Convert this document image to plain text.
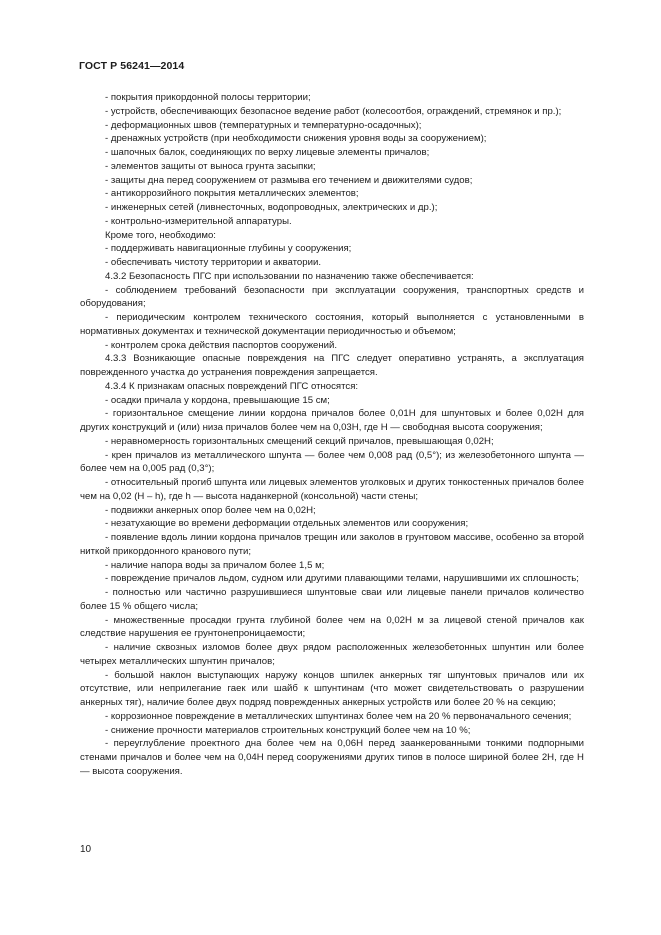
ГОСТ Р 56241—2014

- покрытия прикордонной полосы территории;

- устройств, обеспечивающих безопасное ведение работ (колесоотбоя, ограждений, стремянок и пр.);

- деформационных швов (температурных и температурно-осадочных);

- дренажных устройств (при необходимости снижения уровня воды за сооружением);

- шапочных балок, соединяющих по верху лицевые элементы причалов;

- элементов защиты от выноса грунта засыпки;

- защиты дна перед сооружением от размыва его течением и движителями судов;

- антикоррозийного покрытия металлических элементов;

- инженерных сетей (ливнесточных, водопроводных, электрических и др.);

- контрольно-измерительной аппаратуры.

Кроме того, необходимо:

- поддерживать навигационные глубины у сооружения;

- обеспечивать чистоту территории и акватории.

4.3.2 Безопасность ПГС при использовании по назначению также обеспечивается:

- соблюдением требований безопасности при эксплуатации сооружения, транспортных средств и оборудования;

- периодическим контролем технического состояния, который выполняется с установленными в нормативных документах и технической документации периодичностью и объемом;

- контролем срока действия паспортов сооружений.

4.3.3 Возникающие опасные повреждения на ПГС следует оперативно устранять, а эксплуатация поврежденного участка до устранения повреждения запрещается.

4.3.4 К признакам опасных повреждений ПГС относятся:

- осадки причала у кордона, превышающие 15 см;

- горизонтальное смещение линии кордона причалов более 0,01H для шпунтовых и более 0,02H для других конструкций и (или) низа причалов более чем на 0,03H, где H — свободная высота сооружения;

- неравномерность горизонтальных смещений секций причалов, превышающая 0,02H;

- крен причалов из металлического шпунта — более чем 0,008 рад (0,5°); из железобетонного шпунта — более чем на 0,005 рад (0,3°);

- относительный прогиб шпунта или лицевых элементов уголковых и других тонкостенных причалов более чем на 0,02 (H – h), где h — высота наданкерной (консольной) части стены;

- подвижки анкерных опор более чем на 0,02H;

- незатухающие во времени деформации отдельных элементов или сооружения;

- появление вдоль линии кордона причалов трещин или заколов в грунтовом массиве, особенно за второй ниткой прикордонного кранового пути;

- наличие напора воды за причалом более 1,5 м;

- повреждение причалов льдом, судном или другими плавающими телами, нарушившими их сплошность;

- полностью или частично разрушившиеся шпунтовые сваи или лицевые панели причалов количество более 15 % общего числа;

- множественные просадки грунта глубиной более чем на 0,02H м за лицевой стеной причалов как следствие нарушения ее грунтонепроницаемости;

- наличие сквозных изломов более двух рядом расположенных железобетонных шпунтин или более четырех металлических шпунтин причалов;

- большой наклон выступающих наружу концов шпилек анкерных тяг шпунтовых причалов или их отсутствие, или неприлегание гаек или шайб к шпунтинам (что может свидетельствовать о разрушении анкерных тяг), наличие более двух подряд поврежденных анкерных устройств или более 20 % на секцию;

- коррозионное повреждение в металлических шпунтинах более чем на 20 % первоначального сечения;

- снижение прочности материалов строительных конструкций более чем на 10 %;

- переуглубление проектного дна более чем на 0,06H перед заанкерованными тонкими подпорными стенами причалов и более чем на 0,04H перед сооружениями других типов в полосе шириной более 2H, где H — высота сооружения.

10
